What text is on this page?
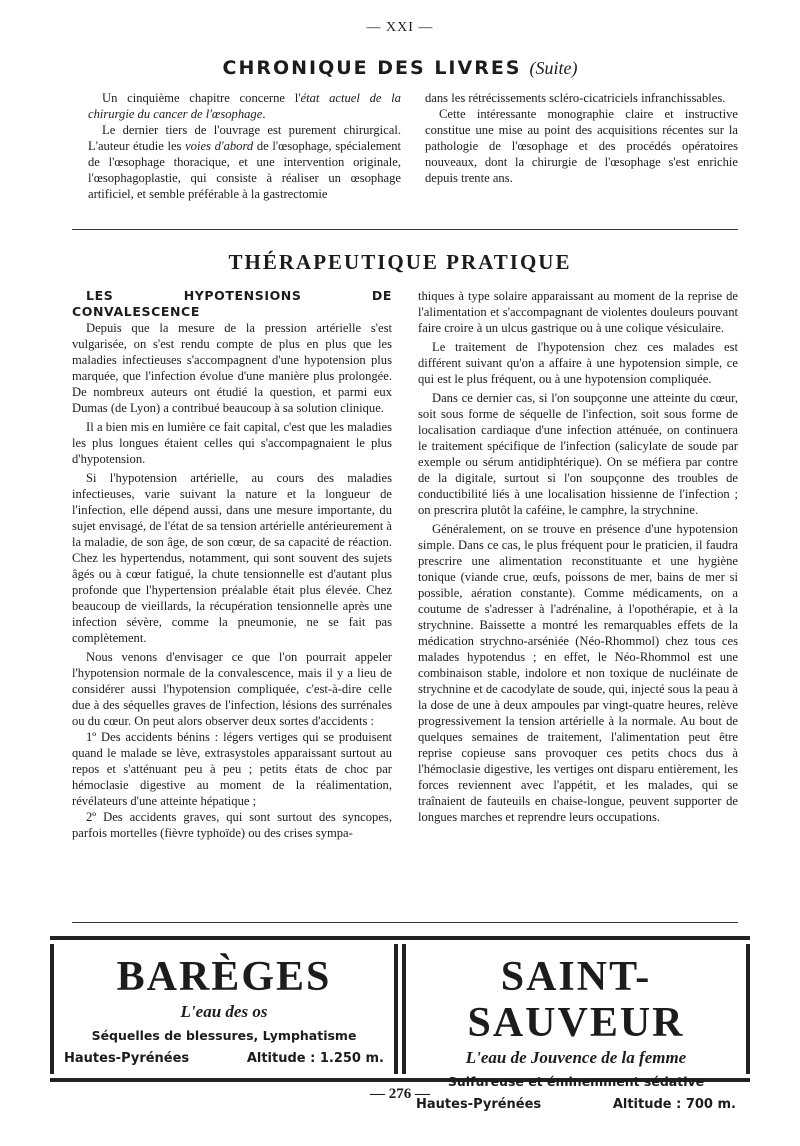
— XXI —
CHRONIQUE DES LIVRES (Suite)

Un cinquième chapitre concerne l'état actuel de la chirurgie du cancer de l'œsophage.

Le dernier tiers de l'ouvrage est purement chirurgical. L'auteur étudie les voies d'abord de l'œsophage, spécialement de l'œsophage thoracique, et une intervention originale, l'œsophagoplastie, qui consiste à réaliser un œsophage artificiel, et semble préférable à la gastrectomie

dans les rétrécissements scléro-cicatriciels infranchissables.

Cette intéressante monographie claire et instructive constitue une mise au point des acquisitions récentes sur la pathologie de l'œsophage et des procédés opératoires nouveaux, dont la chirurgie de l'œsophage s'est enrichie depuis trente ans.

THÉRAPEUTIQUE PRATIQUE

LES HYPOTENSIONS DE CONVALESCENCE

Depuis que la mesure de la pression artérielle s'est vulgarisée, on s'est rendu compte de plus en plus que les maladies infectieuses s'accompagnent d'une hypotension plus marquée, que l'infection évolue d'une manière plus prolongée. De nombreux auteurs ont étudié la question, et parmi eux Dumas (de Lyon) a contribué beaucoup à sa solution clinique.

Il a bien mis en lumière ce fait capital, c'est que les maladies les plus longues étaient celles qui s'accompagnaient le plus d'hypotension.

Si l'hypotension artérielle, au cours des maladies infectieuses, varie suivant la nature et la longueur de l'infection, elle dépend aussi, dans une mesure importante, du sujet envisagé, de l'état de sa tension artérielle antérieurement à la maladie, de son âge, de son cœur, de sa capacité de réaction. Chez les hypertendus, notamment, qui sont souvent des sujets âgés ou à cœur fatigué, la chute tensionnelle est d'autant plus profonde que l'hypertension préalable était plus élevée. Chez beaucoup de vieillards, la récupération tensionnelle après une infection sévère, comme la pneumonie, ne se fait pas complètement.

Nous venons d'envisager ce que l'on pourrait appeler l'hypotension normale de la convalescence, mais il y a lieu de considérer aussi l'hypotension compliquée, c'est-à-dire celle due à des séquelles graves de l'infection, lésions des surrénales ou du cœur. On peut alors observer deux sortes d'accidents :

1º Des accidents bénins : légers vertiges qui se produisent quand le malade se lève, extrasystoles apparaissant surtout au repos et s'atténuant peu à peu ; petits états de choc par hémoclasie digestive au moment de la réalimentation, révélateurs d'une atteinte hépatique ;

2º Des accidents graves, qui sont surtout des syncopes, parfois mortelles (fièvre typhoïde) ou des crises sympa-

thiques à type solaire apparaissant au moment de la reprise de l'alimentation et s'accompagnant de violentes douleurs pouvant faire croire à un ulcus gastrique ou à une colique vésiculaire.

Le traitement de l'hypotension chez ces malades est différent suivant qu'on a affaire à une hypotension simple, ce qui est le plus fréquent, ou à une hypotension compliquée.

Dans ce dernier cas, si l'on soupçonne une atteinte du cœur, soit sous forme de séquelle de l'infection, soit sous forme de localisation cardiaque d'une infection atténuée, on continuera le traitement spécifique de l'infection (salicylate de soude par exemple ou sérum antidiphtérique). On se méfiera par contre de la digitale, surtout si l'on soupçonne des troubles de conductibilité liés à une localisation hissienne de l'infection ; on prescrira plutôt la caféine, le camphre, la strychnine.

Généralement, on se trouve en présence d'une hypotension simple. Dans ce cas, le plus fréquent pour le praticien, il faudra prescrire une alimentation reconstituante et une hygiène tonique (viande crue, œufs, poissons de mer, bains de mer si possible, aération constante). Comme médicaments, on a coutume de s'adresser à l'adrénaline, à l'opothérapie, et à la strychnine. Baissette a montré les remarquables effets de la médication strychno-arséniée (Néo-Rhommol) chez tous ces malades hypotendus ; en effet, le Néo-Rhommol est une combinaison stable, indolore et non toxique de nucléinate de strychnine et de cacodylate de soude, qui, injecté sous la peau à la dose de une à deux ampoules par vingt-quatre heures, relève progressivement la tension artérielle à la normale. Au bout de quelques semaines de traitement, l'alimentation peut être reprise copieuse sans provoquer ces petits chocs dus à l'hémoclasie digestive, les vertiges ont disparu entièrement, les forces reviennent avec l'appétit, et les malades, qui se traînaient de fauteuils en chaise-longue, peuvent supporter de longues marches et reprendre leurs occupations.

BARÈGES
L'eau des os
Séquelles de blessures, Lymphatisme
Hautes-Pyrénées	Altitude : 1.250 m.
SAINT-SAUVEUR
L'eau de Jouvence de la femme
Sulfureuse et éminemment sédative
Hautes-Pyrénées	Altitude : 700 m.
— 276 —
